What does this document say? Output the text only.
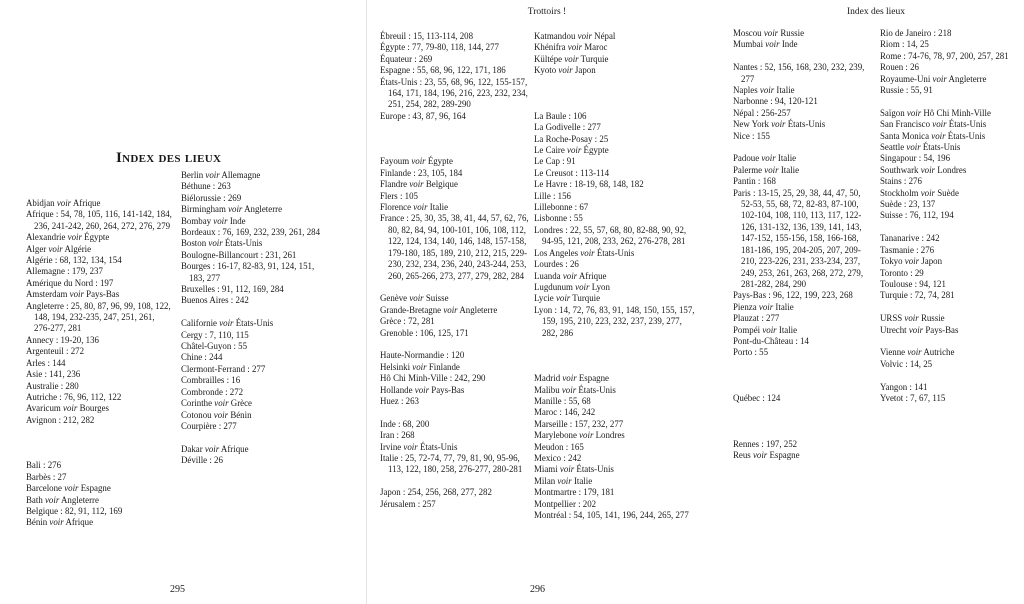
Index des lieux
Abidjan voir Afrique
Afrique : 54, 78, 105, 116, 141-142, 184, 236, 241-242, 260, 264, 272, 276, 279
Alexandrie voir Égypte
Alger voir Algérie
Algérie : 68, 132, 134, 154
Allemagne : 179, 237
Amérique du Nord : 197
Amsterdam voir Pays-Bas
Angleterre : 25, 80, 87, 96, 99, 108, 122, 148, 194, 232-235, 247, 251, 261, 276-277, 281
Annecy : 19-20, 136
Argenteuil : 272
Arles : 144
Asie : 141, 236
Australie : 280
Autriche : 76, 96, 112, 122
Avaricum voir Bourges
Avignon : 212, 282

Bali : 276
Barbès : 27
Barcelone voir Espagne
Bath voir Angleterre
Belgique : 82, 91, 112, 169
Bénin voir Afrique
Berlin voir Allemagne
Béthune : 263
Biélorussie : 269
Birmingham voir Angleterre
Bombay voir Inde
Bordeaux : 76, 169, 232, 239, 261, 284
Boston voir États-Unis
Boulogne-Billancourt : 231, 261
Bourges : 16-17, 82-83, 91, 124, 151, 183, 277
Bruxelles : 91, 112, 169, 284
Buenos Aires : 242
Californie voir États-Unis
Cergy : 7, 110, 115
Châtel-Guyon : 55
Chine : 244
Clermont-Ferrand : 277
Combrailles : 16
Combronde : 272
Corinthe voir Grèce
Cotonou voir Bénin
Courpière : 277
Dakar voir Afrique
Déville : 26
295
Trottoirs !
Ébreuil : 15, 113-114, 208
Égypte : 77, 79-80, 118, 144, 277
Équateur : 269
Espagne : 55, 68, 96, 122, 171, 186
États-Unis : 23, 55, 68, 96, 122, 155-157, 164, 171, 184, 196, 216, 223, 232, 234, 251, 254, 282, 289-290
Europe : 43, 87, 96, 164

Fayoum voir Égypte
Finlande : 23, 105, 184
Flandre voir Belgique
Flers : 105
Florence voir Italie
France : 25, 30, 35, 38, 41, 44, 57, 62, 76, 80, 82, 84, 94, 100-101, 106, 108, 112, 122, 124, 134, 140, 146, 148, 157-158, 179-180, 185, 189, 210, 212, 215, 229-230, 232, 234, 236, 240, 243-244, 253, 260, 265-266, 273, 277, 279, 282, 284
Genève voir Suisse
Grande-Bretagne voir Angleterre
Grèce : 72, 281
Grenoble : 106, 125, 171
Haute-Normandie : 120
Helsinki voir Finlande
Hô Chi Minh-Ville : 242, 290
Hollande voir Pays-Bas
Huez : 263
Inde : 68, 200
Iran : 268
Irvine voir États-Unis
Italie : 25, 72-74, 77, 79, 81, 90, 95-96, 113, 122, 180, 258, 276-277, 280-281
Japon : 254, 256, 268, 277, 282
Jérusalem : 257
Katmandou voir Népal
Khénifra voir Maroc
Kültépe voir Turquie
Kyoto voir Japon

La Baule : 106
La Godivelle : 277
La Roche-Posay : 25
Le Caire voir Égypte
Le Cap : 91
Le Creusot : 113-114
Le Havre : 18-19, 68, 148, 182
Lille : 156
Lillebonne : 67
Lisbonne : 55
Londres : 22, 55, 57, 68, 80, 82-88, 90, 92, 94-95, 121, 208, 233, 262, 276-278, 281
Los Angeles voir États-Unis
Lourdes : 26
Luanda voir Afrique
Lugdunum voir Lyon
Lycie voir Turquie
Lyon : 14, 72, 76, 83, 91, 148, 150, 155, 157, 159, 195, 210, 223, 232, 237, 239, 277, 282, 286

Madrid voir Espagne
Malibu voir États-Unis
Manille : 55, 68
Maroc : 146, 242
Marseille : 157, 232, 277
Marylebone voir Londres
Meudon : 165
Mexico : 242
Miami voir États-Unis
Milan voir Italie
Montmartre : 179, 181
Montpellier : 202
Montréal : 54, 105, 141, 196, 244, 265, 277
296
Index des lieux
Moscou voir Russie
Mumbai voir Inde
Nantes : 52, 156, 168, 230, 232, 239, 277
Naples voir Italie
Narbonne : 94, 120-121
Népal : 256-257
New York voir États-Unis
Nice : 155
Padoue voir Italie
Palerme voir Italie
Pantin : 168
Paris : 13-15, 25, 29, 38, 44, 47, 50, 52-53, 55, 68, 72, 82-83, 87-100, 102-104, 108, 110, 113, 117, 122-126, 131-132, 136, 139, 141, 143, 147-152, 155-156, 158, 166-168, 181-186, 195, 204-205, 207, 209-210, 223-226, 231, 233-234, 237, 249, 253, 261, 263, 268, 272, 279, 281-282, 284, 290
Pays-Bas : 96, 122, 199, 223, 268
Pienza voir Italie
Plauzat : 277
Pompéi voir Italie
Pont-du-Château : 14
Porto : 55

Québec : 124

Rennes : 197, 252
Reus voir Espagne
Rio de Janeiro : 218
Riom : 14, 25
Rome : 74-76, 78, 97, 200, 257, 281
Rouen : 26
Royaume-Uni voir Angleterre
Russie : 55, 91
Saïgon voir Hô Chi Minh-Ville
San Francisco voir États-Unis
Santa Monica voir États-Unis
Seattle voir États-Unis
Singapour : 54, 196
Southwark voir Londres
Stains : 276
Stockholm voir Suède
Suède : 23, 137
Suisse : 76, 112, 194
Tananarive : 242
Tasmanie : 276
Tokyo voir Japon
Toronto : 29
Toulouse : 94, 121
Turquie : 72, 74, 281
URSS voir Russie
Utrecht voir Pays-Bas
Vienne voir Autriche
Volvic : 14, 25
Yangon : 141
Yvetot : 7, 67, 115
